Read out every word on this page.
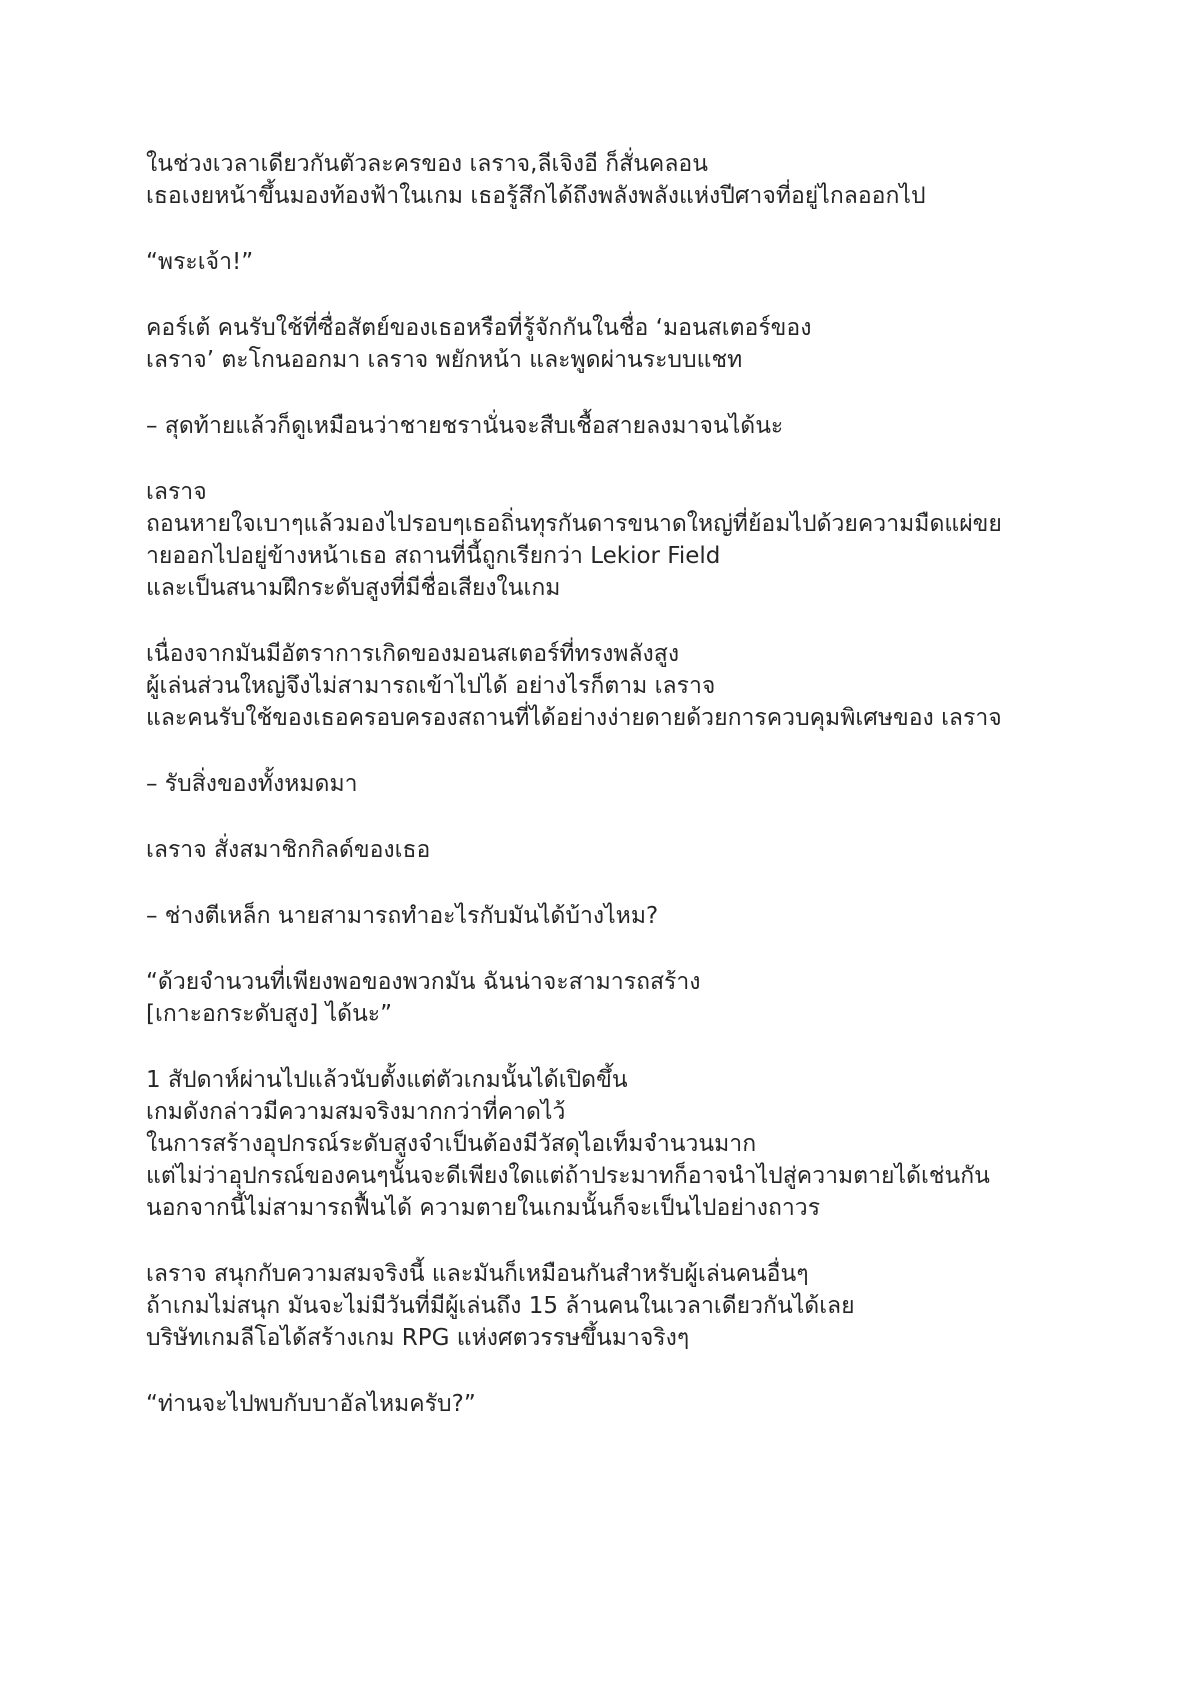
ในช่วงเวลาเดียวกันตัวละครของ เลราจ,ลีเจิงอี ก็สั่นคลอน
เธอเงยหน้าขึ้นมองท้องฟ้าในเกม เธอรู้สึกได้ถึงพลังพลังแห่งปีศาจที่อยู่ไกลออกไป

“พระเจ้า!”

คอร์เต้ คนรับใช้ที่ซื่อสัตย์ของเธอหรือที่รู้จักกันในชื่อ ‘มอนสเตอร์ของ
เลราจ’ ตะโกนออกมา เลราจ พยักหน้า และพูดผ่านระบบแชท

– สุดท้ายแล้วก็ดูเหมือนว่าชายชรานั่นจะสืบเชื้อสายลงมาจนได้นะ

เลราจ
ถอนหายใจเบาๆแล้วมองไปรอบๆเธอถิ่นทุรกันดารขนาดใหญ่ที่ย้อมไปด้วยความมืดแผ่ขย
ายออกไปอยู่ข้างหน้าเธอ สถานที่นี้ถูกเรียกว่า Lekior Field
และเป็นสนามฝึกระดับสูงที่มีชื่อเสียงในเกม

เนื่องจากมันมีอัตราการเกิดของมอนสเตอร์ที่ทรงพลังสูง
ผู้เล่นส่วนใหญ่จึงไม่สามารถเข้าไปได้ อย่างไรก็ตาม เลราจ
และคนรับใช้ของเธอครอบครองสถานที่ได้อย่างง่ายดายด้วยการควบคุมพิเศษของ เลราจ

– รับสิ่งของทั้งหมดมา

เลราจ สั่งสมาชิกกิลด์ของเธอ

– ช่างตีเหล็ก นายสามารถทำอะไรกับมันได้บ้างไหม?

“ด้วยจำนวนที่เพียงพอของพวกมัน ฉันน่าจะสามารถสร้าง
[เกาะอกระดับสูง] ได้นะ”

1 สัปดาห์ผ่านไปแล้วนับตั้งแต่ตัวเกมนั้นได้เปิดขึ้น
เกมดังกล่าวมีความสมจริงมากกว่าที่คาดไว้
ในการสร้างอุปกรณ์ระดับสูงจำเป็นต้องมีวัสดุไอเท็มจำนวนมาก
แต่ไม่ว่าอุปกรณ์ของคนๆนั้นจะดีเพียงใดแต่ถ้าประมาทก็อาจนำไปสู่ความตายได้เช่นกัน
นอกจากนี้ไม่สามารถฟื้นได้ ความตายในเกมนั้นก็จะเป็นไปอย่างถาวร

เลราจ สนุกกับความสมจริงนี้ และมันก็เหมือนกันสำหรับผู้เล่นคนอื่นๆ
ถ้าเกมไม่สนุก มันจะไม่มีวันที่มีผู้เล่นถึง 15 ล้านคนในเวลาเดียวกันได้เลย
บริษัทเกมลีโอได้สร้างเกม RPG แห่งศตวรรษขึ้นมาจริงๆ

“ท่านจะไปพบกับบาอัลไหมครับ?”
